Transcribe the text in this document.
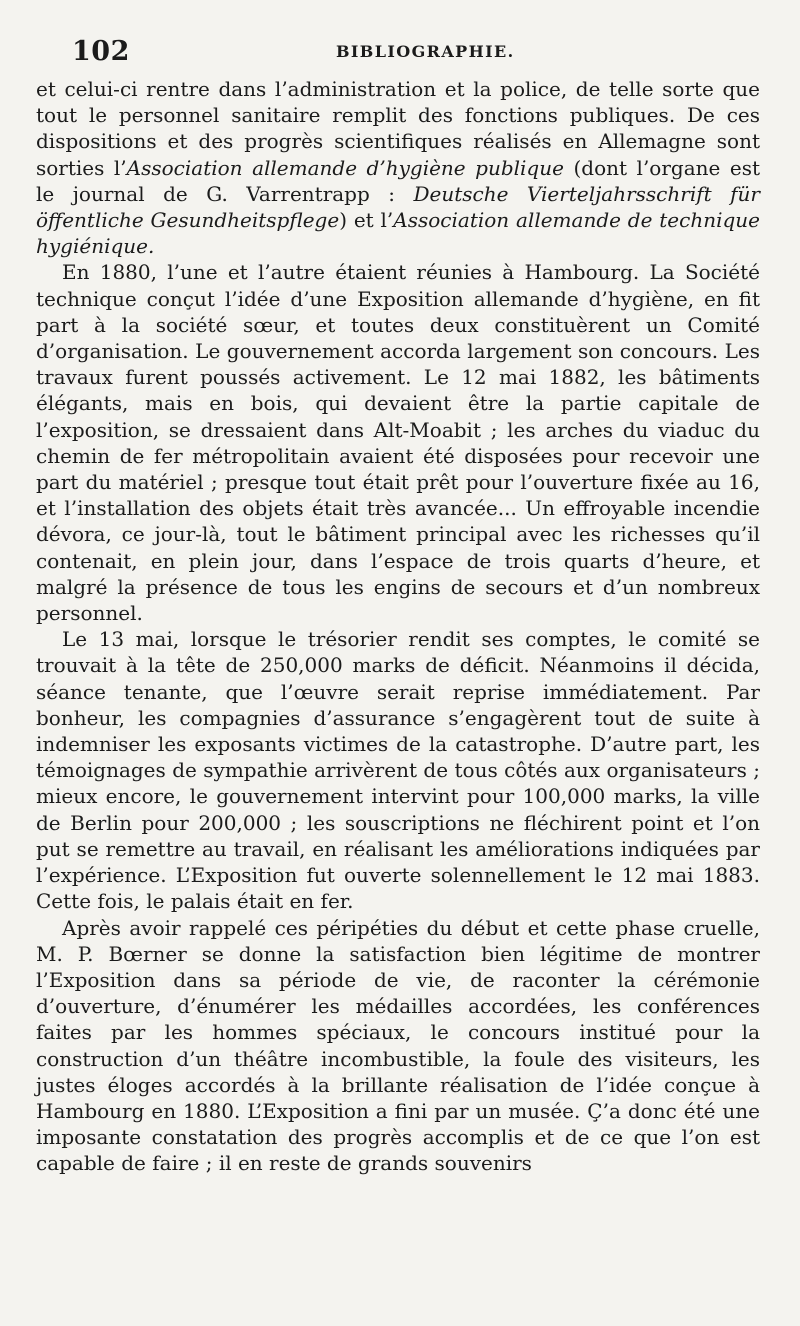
102	BIBLIOGRAPHIE.

et celui-ci rentre dans l’administration et la police, de telle sorte que tout le personnel sanitaire remplit des fonctions publiques. De ces dispositions et des progrès scientifiques réalisés en Allemagne sont sorties l’Association allemande d’hygiène publique (dont l’organe est le journal de G. Varrentrapp : Deutsche Vierteljahrsschrift für öffentliche Gesundheitspflege) et l’Association allemande de technique hygiénique.

En 1880, l’une et l’autre étaient réunies à Hambourg. La Société technique conçut l’idée d’une Exposition allemande d’hygiène, en fit part à la société sœur, et toutes deux constituèrent un Comité d’organisation. Le gouvernement accorda largement son concours. Les travaux furent poussés activement. Le 12 mai 1882, les bâtiments élégants, mais en bois, qui devaient être la partie capitale de l’exposition, se dressaient dans Alt-Moabit ; les arches du viaduc du chemin de fer métropolitain avaient été disposées pour recevoir une part du matériel ; presque tout était prêt pour l’ouverture fixée au 16, et l’installation des objets était très avancée... Un effroyable incendie dévora, ce jour-là, tout le bâtiment principal avec les richesses qu’il contenait, en plein jour, dans l’espace de trois quarts d’heure, et malgré la présence de tous les engins de secours et d’un nombreux personnel.

Le 13 mai, lorsque le trésorier rendit ses comptes, le comité se trouvait à la tête de 250,000 marks de déficit. Néanmoins il décida, séance tenante, que l’œuvre serait reprise immédiatement. Par bonheur, les compagnies d’assurance s’engagèrent tout de suite à indemniser les exposants victimes de la catastrophe. D’autre part, les témoignages de sympathie arrivèrent de tous côtés aux organisateurs ; mieux encore, le gouvernement intervint pour 100,000 marks, la ville de Berlin pour 200,000 ; les souscriptions ne fléchirent point et l’on put se remettre au travail, en réalisant les améliorations indiquées par l’expérience. L’Exposition fut ouverte solennellement le 12 mai 1883. Cette fois, le palais était en fer.

Après avoir rappelé ces péripéties du début et cette phase cruelle, M. P. Bœrner se donne la satisfaction bien légitime de montrer l’Exposition dans sa période de vie, de raconter la cérémonie d’ouverture, d’énumérer les médailles accordées, les conférences faites par les hommes spéciaux, le concours institué pour la construction d’un théâtre incombustible, la foule des visiteurs, les justes éloges accordés à la brillante réalisation de l’idée conçue à Hambourg en 1880. L’Exposition a fini par un musée. Ç’a donc été une imposante constatation des progrès accomplis et de ce que l’on est capable de faire ; il en reste de grands souvenirs
